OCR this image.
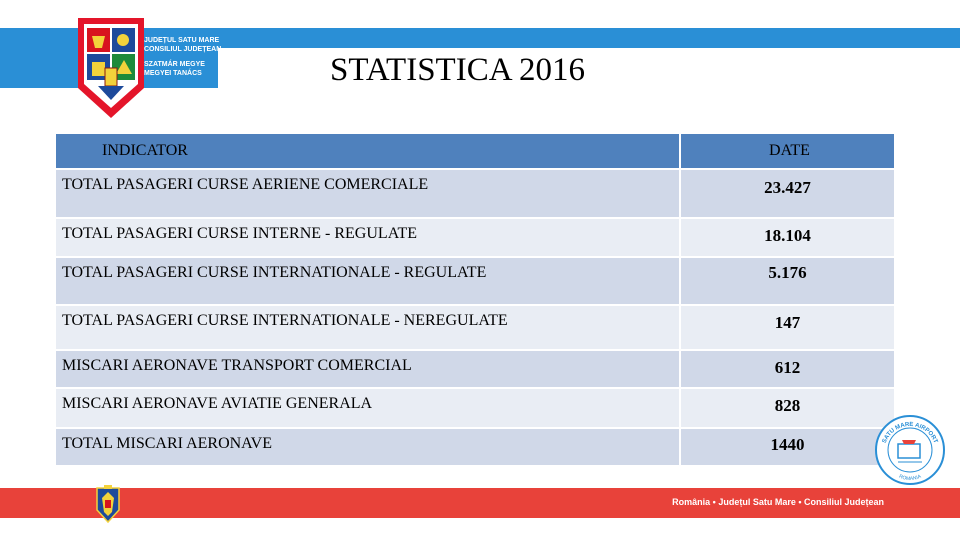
JUDEȚUL SATU MARE
CONSILIUL JUDEȚEAN
SZATMÁR MEGYE
MEGYEI TANÁCS	STATISTICA 2016
INDICATOR	DATE
TOTAL PASAGERI CURSE AERIENE COMERCIALE	23.427
TOTAL PASAGERI CURSE INTERNE - REGULATE	18.104
TOTAL PASAGERI CURSE INTERNATIONALE - REGULATE	5.176
TOTAL PASAGERI CURSE INTERNATIONALE - NEREGULATE	147
MISCARI AERONAVE TRANSPORT COMERCIAL	612
MISCARI AERONAVE AVIATIE GENERALA	828
TOTAL MISCARI AERONAVE	1440	SATU MARE AIRPORT
ROMANIA
România • Județul Satu Mare • Consiliul Județean
